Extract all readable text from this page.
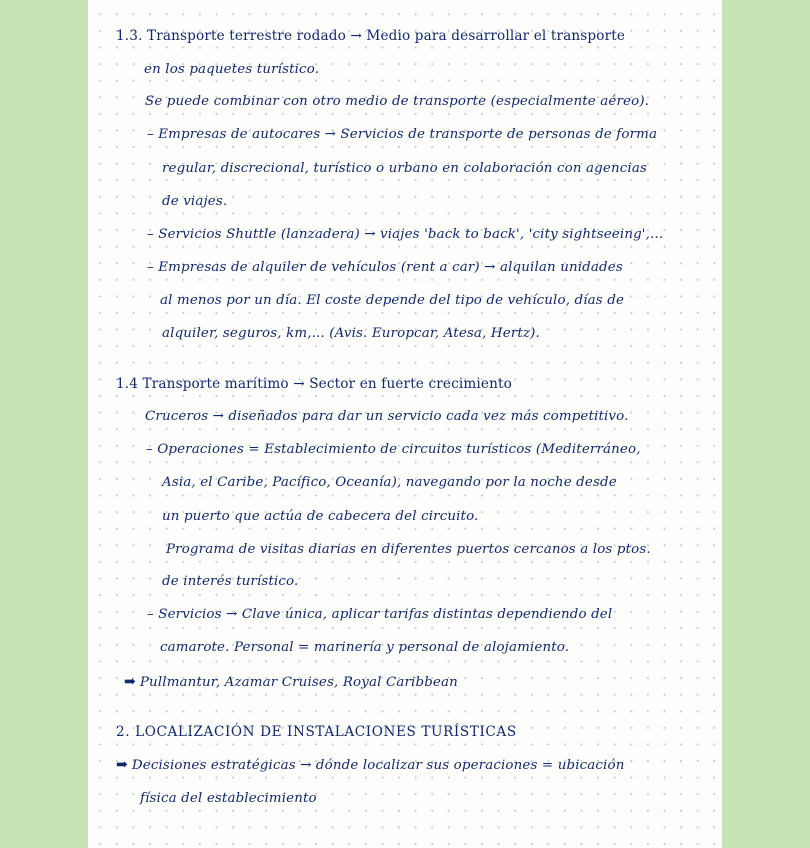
1.3. Transporte terrestre rodado → Medio para desarrollar el transporte
en los paquetes turístico.
Se puede combinar con otro medio de transporte (especialmente aéreo).
– Empresas de autocares → Servicios de transporte de personas de forma
regular, discrecional, turístico o urbano en colaboración con agencias
de viajes.
– Servicios Shuttle (lanzadera) → viajes 'back to back', 'city sightseeing',...
– Empresas de alquiler de vehículos (rent a car) → alquilan unidades
al menos por un día. El coste depende del tipo de vehículo, días de
alquiler, seguros, km,... (Avis. Europcar, Atesa, Hertz).
1.4 Transporte marítimo → Sector en fuerte crecimiento
Cruceros → diseñados para dar un servicio cada vez más competitivo.
– Operaciones = Establecimiento de circuitos turísticos (Mediterráneo,
Asia, el Caribe, Pacífico, Oceanía), navegando por la noche desde
un puerto que actúa de cabecera del circuito.
Programa de visitas diarias en diferentes puertos cercanos a los ptos.
de interés turístico.
– Servicios → Clave única, aplicar tarifas distintas dependiendo del
camarote. Personal = marinería y personal de alojamiento.
➡ Pullmantur, Azamar Cruises, Royal Caribbean
2. LOCALIZACIÓN DE INSTALACIONES TURÍSTICAS
➡ Decisiones estratégicas → dónde localizar sus operaciones = ubicación
física del establecimiento
